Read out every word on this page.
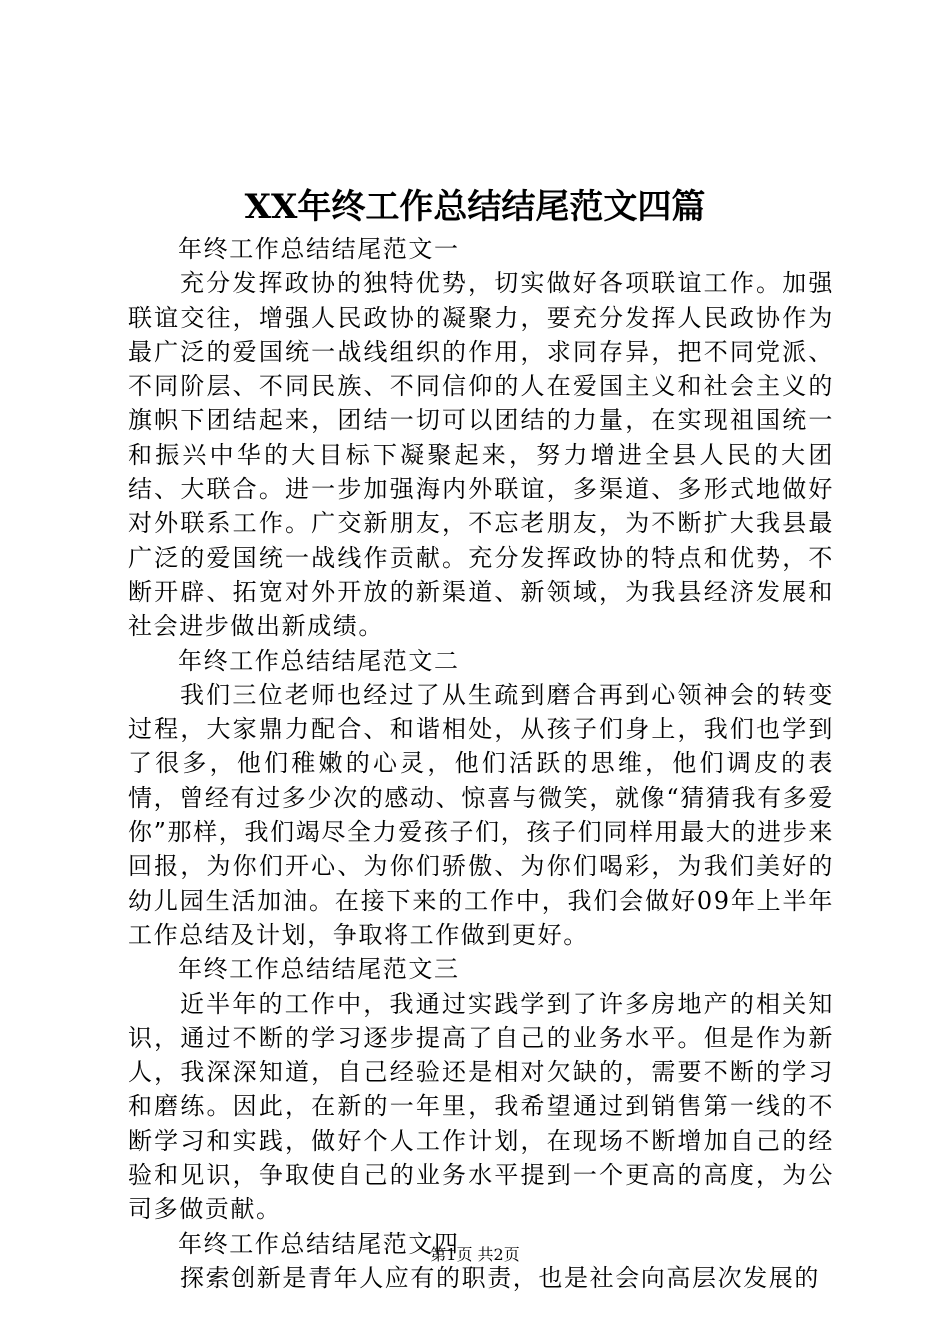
XX年终工作总结结尾范文四篇

年终工作总结结尾范文一

充分发挥政协的独特优势，切实做好各项联谊工作。加强联谊交往，增强人民政协的凝聚力，要充分发挥人民政协作为最广泛的爱国统一战线组织的作用，求同存异，把不同党派、不同阶层、不同民族、不同信仰的人在爱国主义和社会主义的旗帜下团结起来，团结一切可以团结的力量，在实现祖国统一和振兴中华的大目标下凝聚起来，努力增进全县人民的大团结、大联合。进一步加强海内外联谊，多渠道、多形式地做好对外联系工作。广交新朋友，不忘老朋友，为不断扩大我县最广泛的爱国统一战线作贡献。充分发挥政协的特点和优势，不断开辟、拓宽对外开放的新渠道、新领域，为我县经济发展和社会进步做出新成绩。

年终工作总结结尾范文二

我们三位老师也经过了从生疏到磨合再到心领神会的转变过程，大家鼎力配合、和谐相处，从孩子们身上，我们也学到了很多，他们稚嫩的心灵，他们活跃的思维，他们调皮的表情，曾经有过多少次的感动、惊喜与微笑，就像“猜猜我有多爱你”那样，我们竭尽全力爱孩子们，孩子们同样用最大的进步来回报，为你们开心、为你们骄傲、为你们喝彩，为我们美好的幼儿园生活加油。在接下来的工作中，我们会做好09年上半年工作总结及计划，争取将工作做到更好。

年终工作总结结尾范文三

近半年的工作中，我通过实践学到了许多房地产的相关知识，通过不断的学习逐步提高了自己的业务水平。但是作为新人，我深深知道，自己经验还是相对欠缺的，需要不断的学习和磨练。因此，在新的一年里，我希望通过到销售第一线的不断学习和实践，做好个人工作计划，在现场不断增加自己的经验和见识，争取使自己的业务水平提到一个更高的高度，为公司多做贡献。

年终工作总结结尾范文四

探索创新是青年人应有的职责，也是社会向高层次发展的

第1页 共2页
